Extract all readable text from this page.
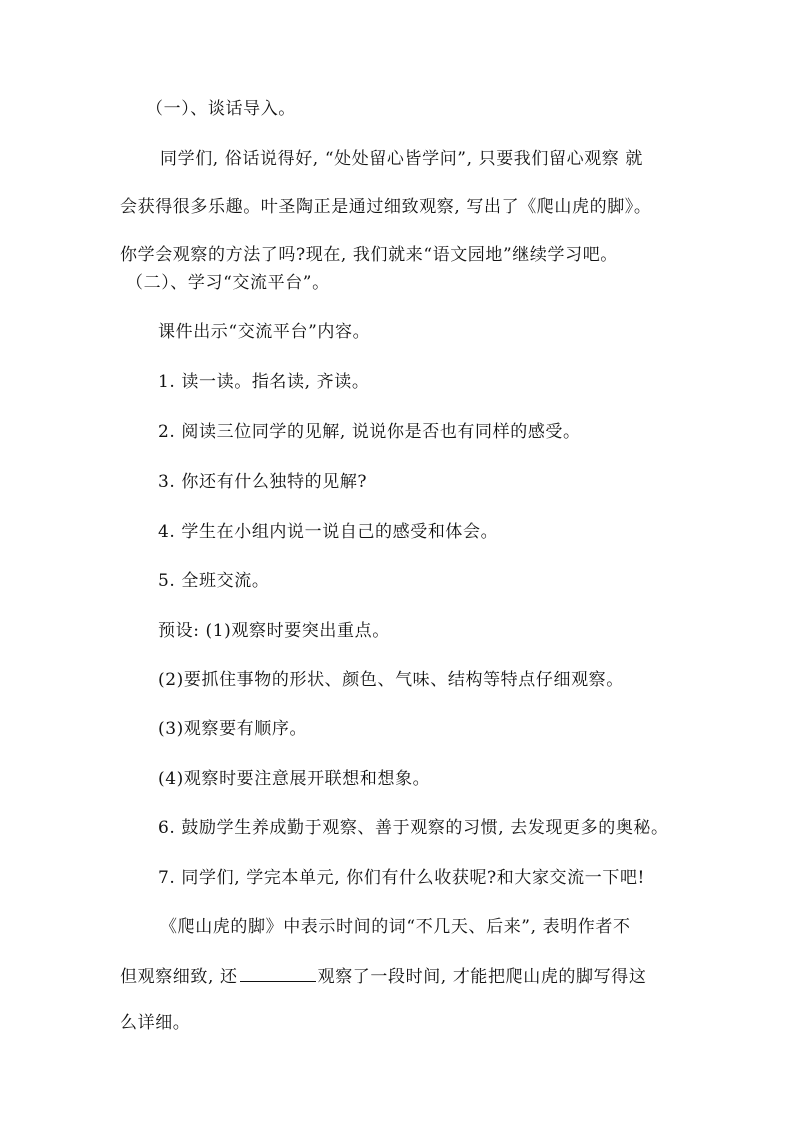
（一）、谈话导入。

同学们, 俗话说得好, “处处留心皆学问”, 只要我们留心观察 就
会获得很多乐趣。叶圣陶正是通过细致观察, 写出了《爬山虎的脚》。
你学会观察的方法了吗?现在, 我们就来“语文园地”继续学习吧。

（二）、学习“交流平台”。

课件出示“交流平台”内容。

1. 读一读。指名读, 齐读。

2. 阅读三位同学的见解, 说说你是否也有同样的感受。

3. 你还有什么独特的见解?

4. 学生在小组内说一说自己的感受和体会。

5. 全班交流。

预设: (1)观察时要突出重点。

(2)要抓住事物的形状、颜色、气味、结构等特点仔细观察。

(3)观察要有顺序。

(4)观察时要注意展开联想和想象。

6. 鼓励学生养成勤于观察、善于观察的习惯, 去发现更多的奥秘。

7. 同学们, 学完本单元, 你们有什么收获呢?和大家交流一下吧!

《爬山虎的脚》中表示时间的词“不几天、后来”, 表明作者不
但观察细致, 还	观察了一段时间, 才能把爬山虎的脚写得这
么详细。
